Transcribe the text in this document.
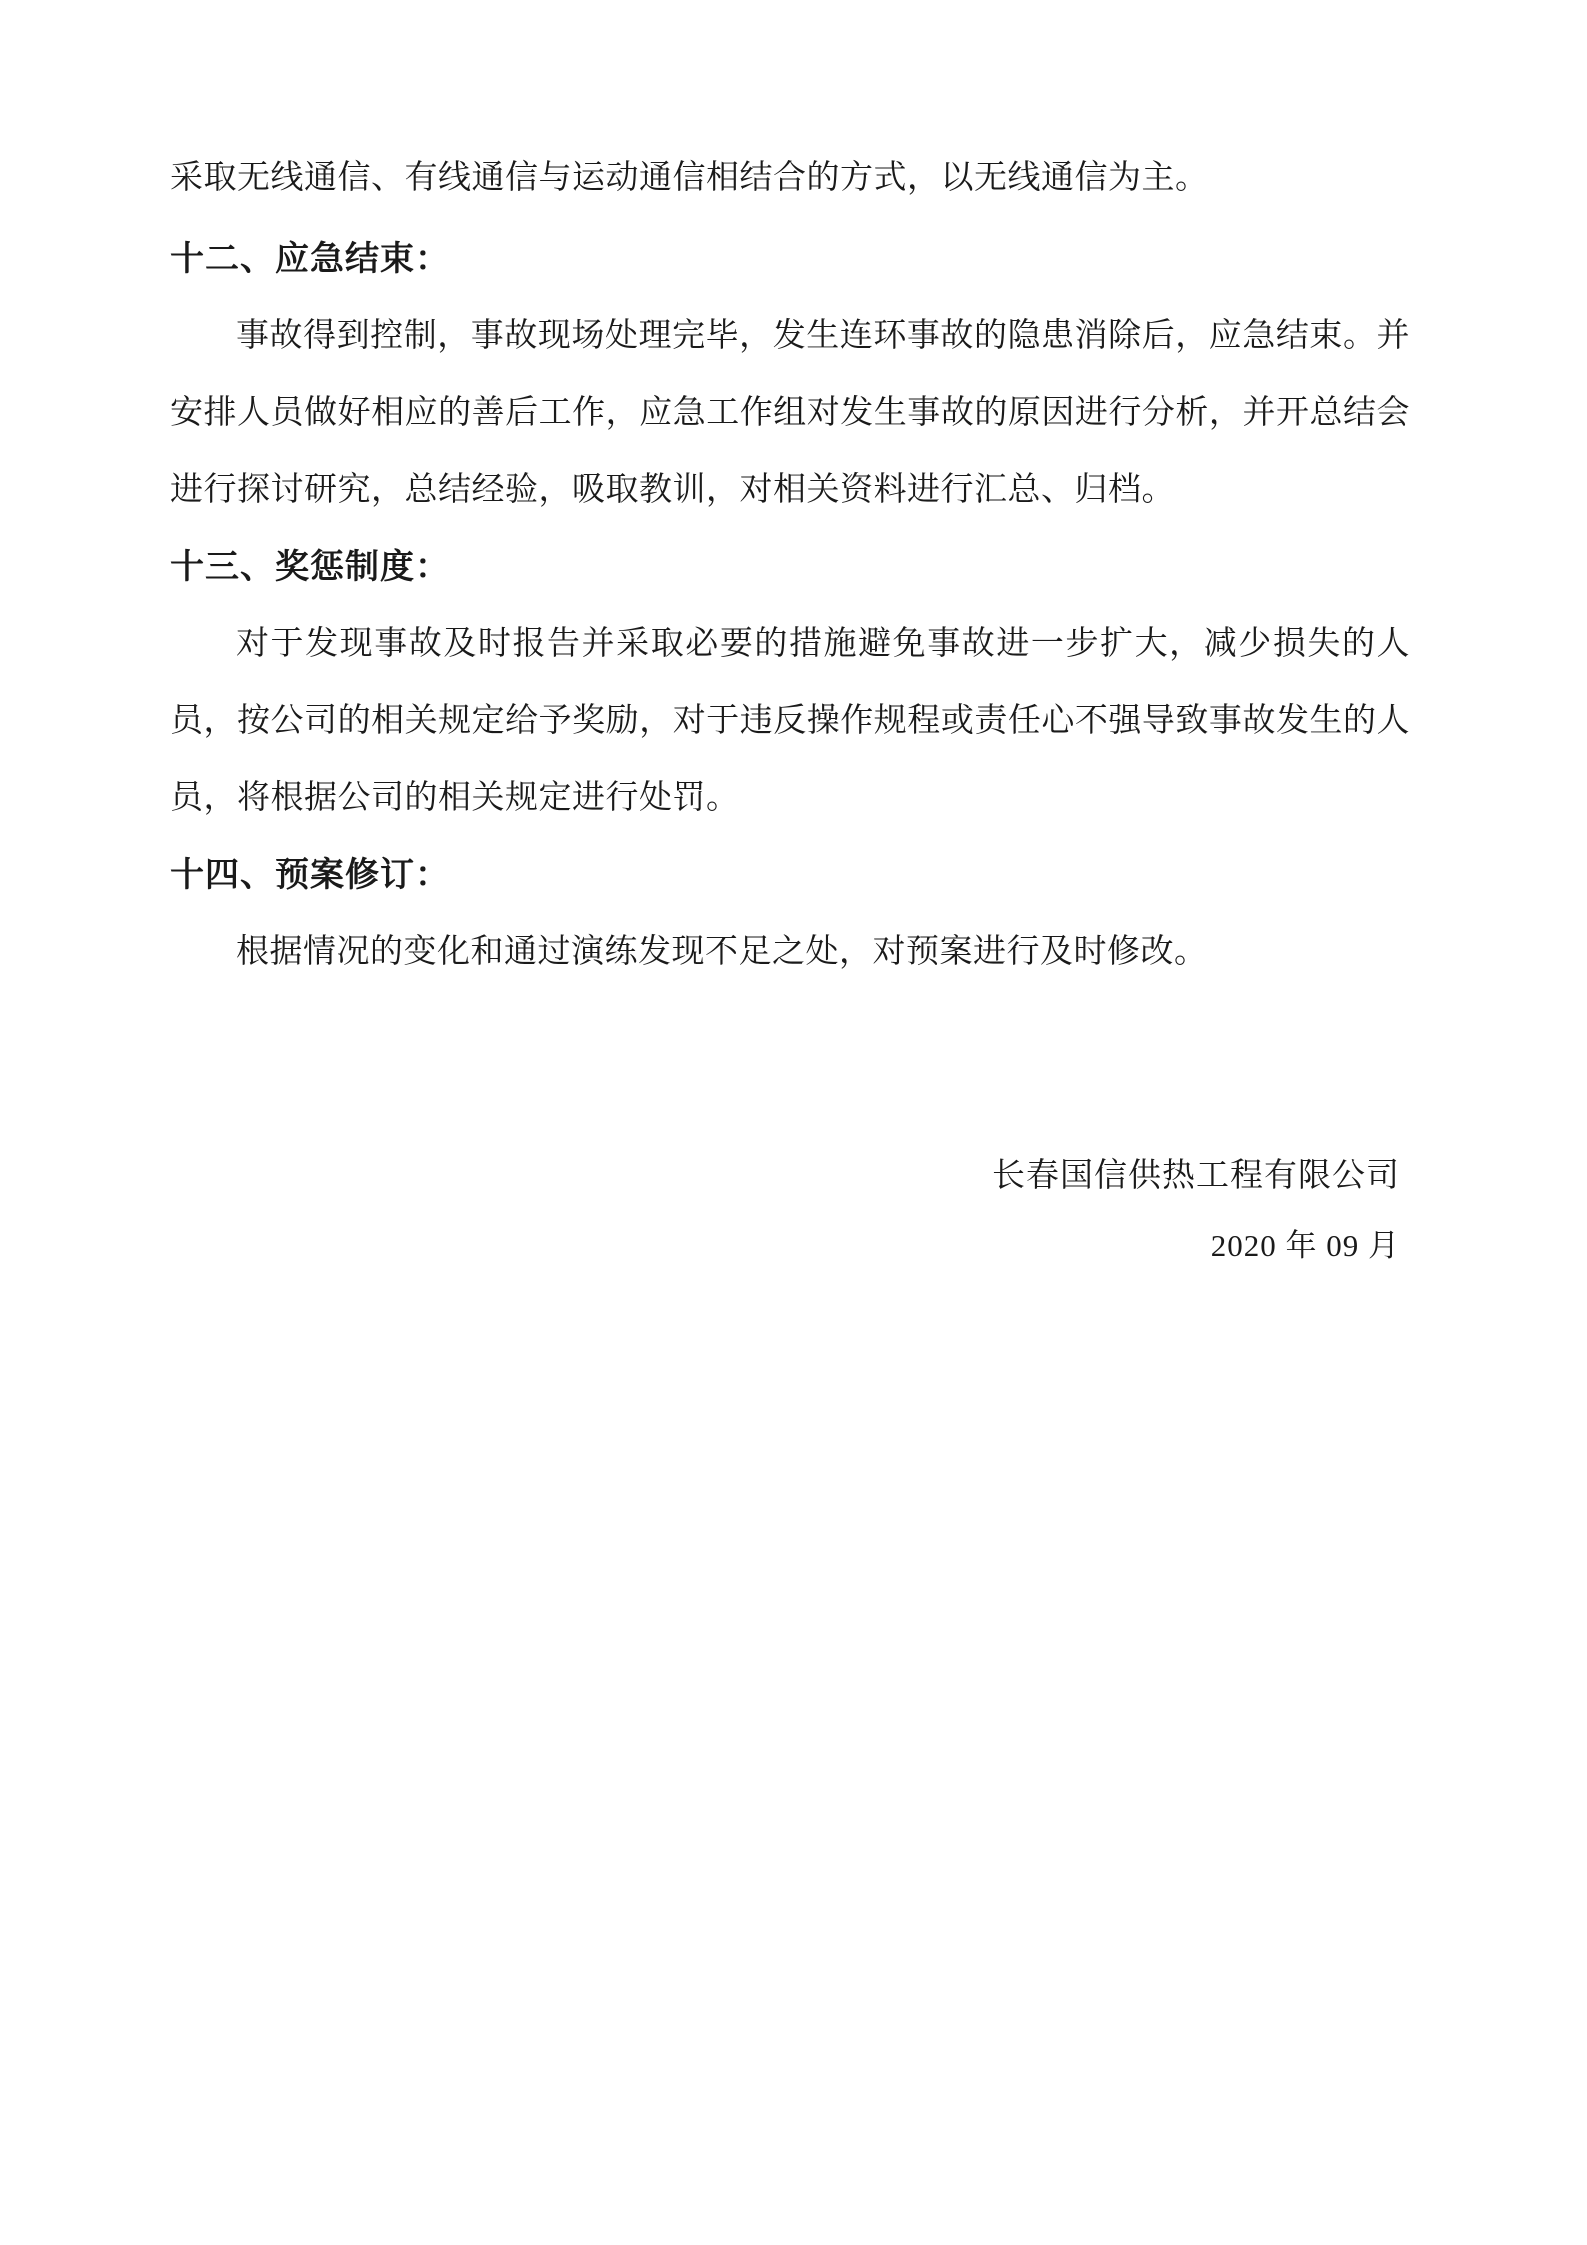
采取无线通信、有线通信与运动通信相结合的方式，以无线通信为主。

十二、应急结束：

事故得到控制，事故现场处理完毕，发生连环事故的隐患消除后，应急结束。并安排人员做好相应的善后工作，应急工作组对发生事故的原因进行分析，并开总结会进行探讨研究，总结经验，吸取教训，对相关资料进行汇总、归档。

十三、奖惩制度：

对于发现事故及时报告并采取必要的措施避免事故进一步扩大，减少损失的人员，按公司的相关规定给予奖励，对于违反操作规程或责任心不强导致事故发生的人员，将根据公司的相关规定进行处罚。

十四、预案修订：

根据情况的变化和通过演练发现不足之处，对预案进行及时修改。

长春国信供热工程有限公司
2020 年 09 月
